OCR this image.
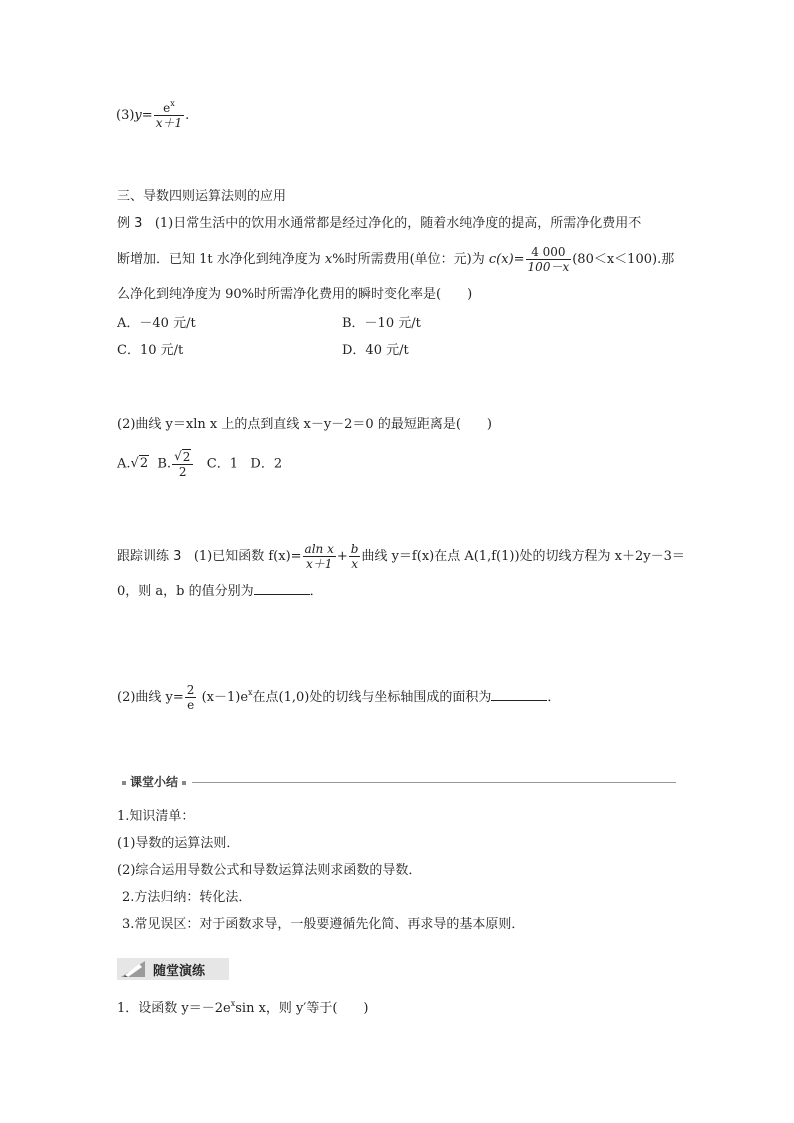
$(3)y= \frac{e^x}{x+1}$ .
三、导数四则运算法则的应用
例 3 (1)日常生活中的饮用水通常都是经过净化的，随着水纯净度的提高，所需净化费用不
断增加．已知 1t 水净化到纯净度为 x%时所需费用(单位：元)为 $c(x)= \frac{4 000}{100-x} (80<x<100)$.那
么净化到纯净度为 90%时所需净化费用的瞬时变化率是(　　)
A．－40 元/t	B．－10 元/t
C．10 元/t	D．40 元/t
(2)曲线 y＝xln x 上的点到直线 x－y－2＝0 的最短距离是(　　)
A.√2 B. $\frac{√2}{2}$ C．1 D．2
跟踪训练 3 (1)已知函数 $f(x)= \frac{\text{aln x}}{x+1} + \frac{b}{x}$ 曲线 y＝f(x)在点 A(1,f(1))处的切线方程为 x＋2y－3＝
0，则 a，b 的值分别为	．
(2)曲线 $y= \frac{2}{e} (x-1)e^x$在点(1,0)处的切线与坐标轴围成的面积为	．
课堂小结
1.知识清单：
(1)导数的运算法则．
(2)综合运用导数公式和导数运算法则求函数的导数．
2.方法归纳：转化法．
3.常见误区：对于函数求导，一般要遵循先化简、再求导的基本原则．
随堂演练
1．设函数 $y=-2e^x\sin$ x，则 y′等于(　　)
